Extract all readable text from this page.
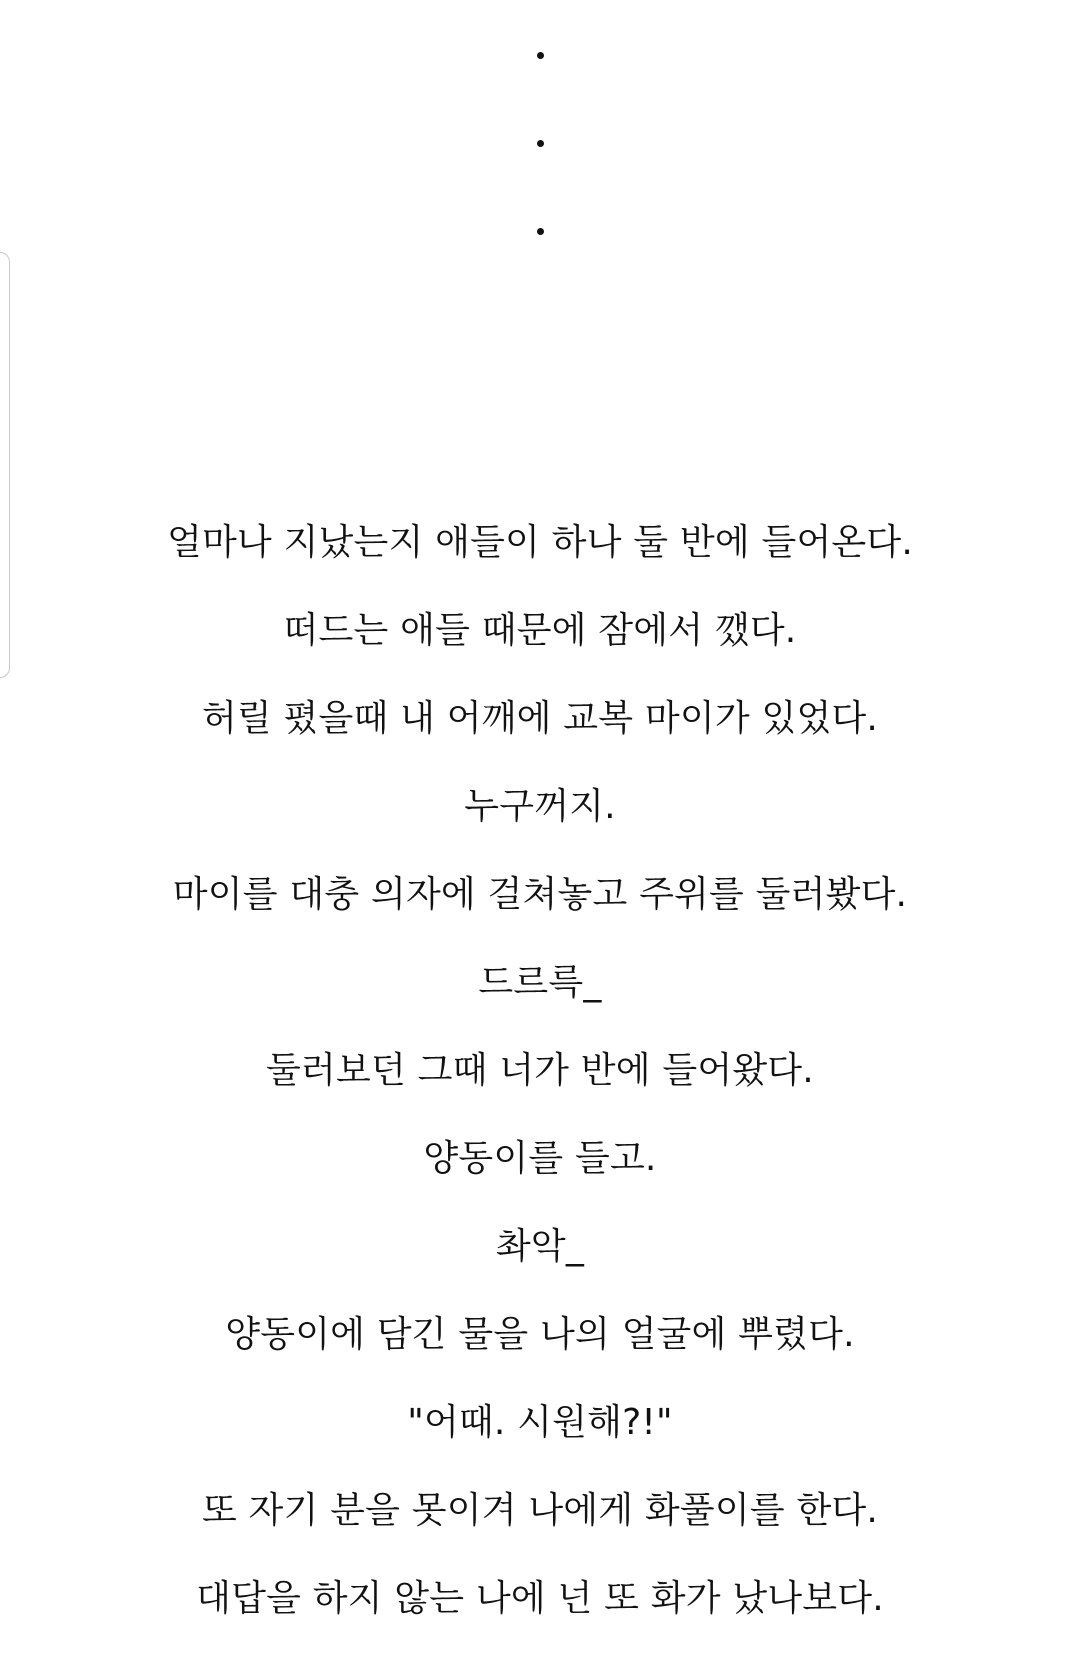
얼마나 지났는지 애들이 하나 둘 반에 들어온다.
떠드는 애들 때문에 잠에서 깼다.
허릴 폈을때 내 어깨에 교복 마이가 있었다.
누구꺼지.
마이를 대충 의자에 걸쳐놓고 주위를 둘러봤다.
드르륵_
둘러보던 그때 너가 반에 들어왔다.
양동이를 들고.
촤악_
양동이에 담긴 물을 나의 얼굴에 뿌렸다.
"어때. 시원해?!"
또 자기 분을 못이겨 나에게 화풀이를 한다.
대답을 하지 않는 나에 넌 또 화가 났나보다.
